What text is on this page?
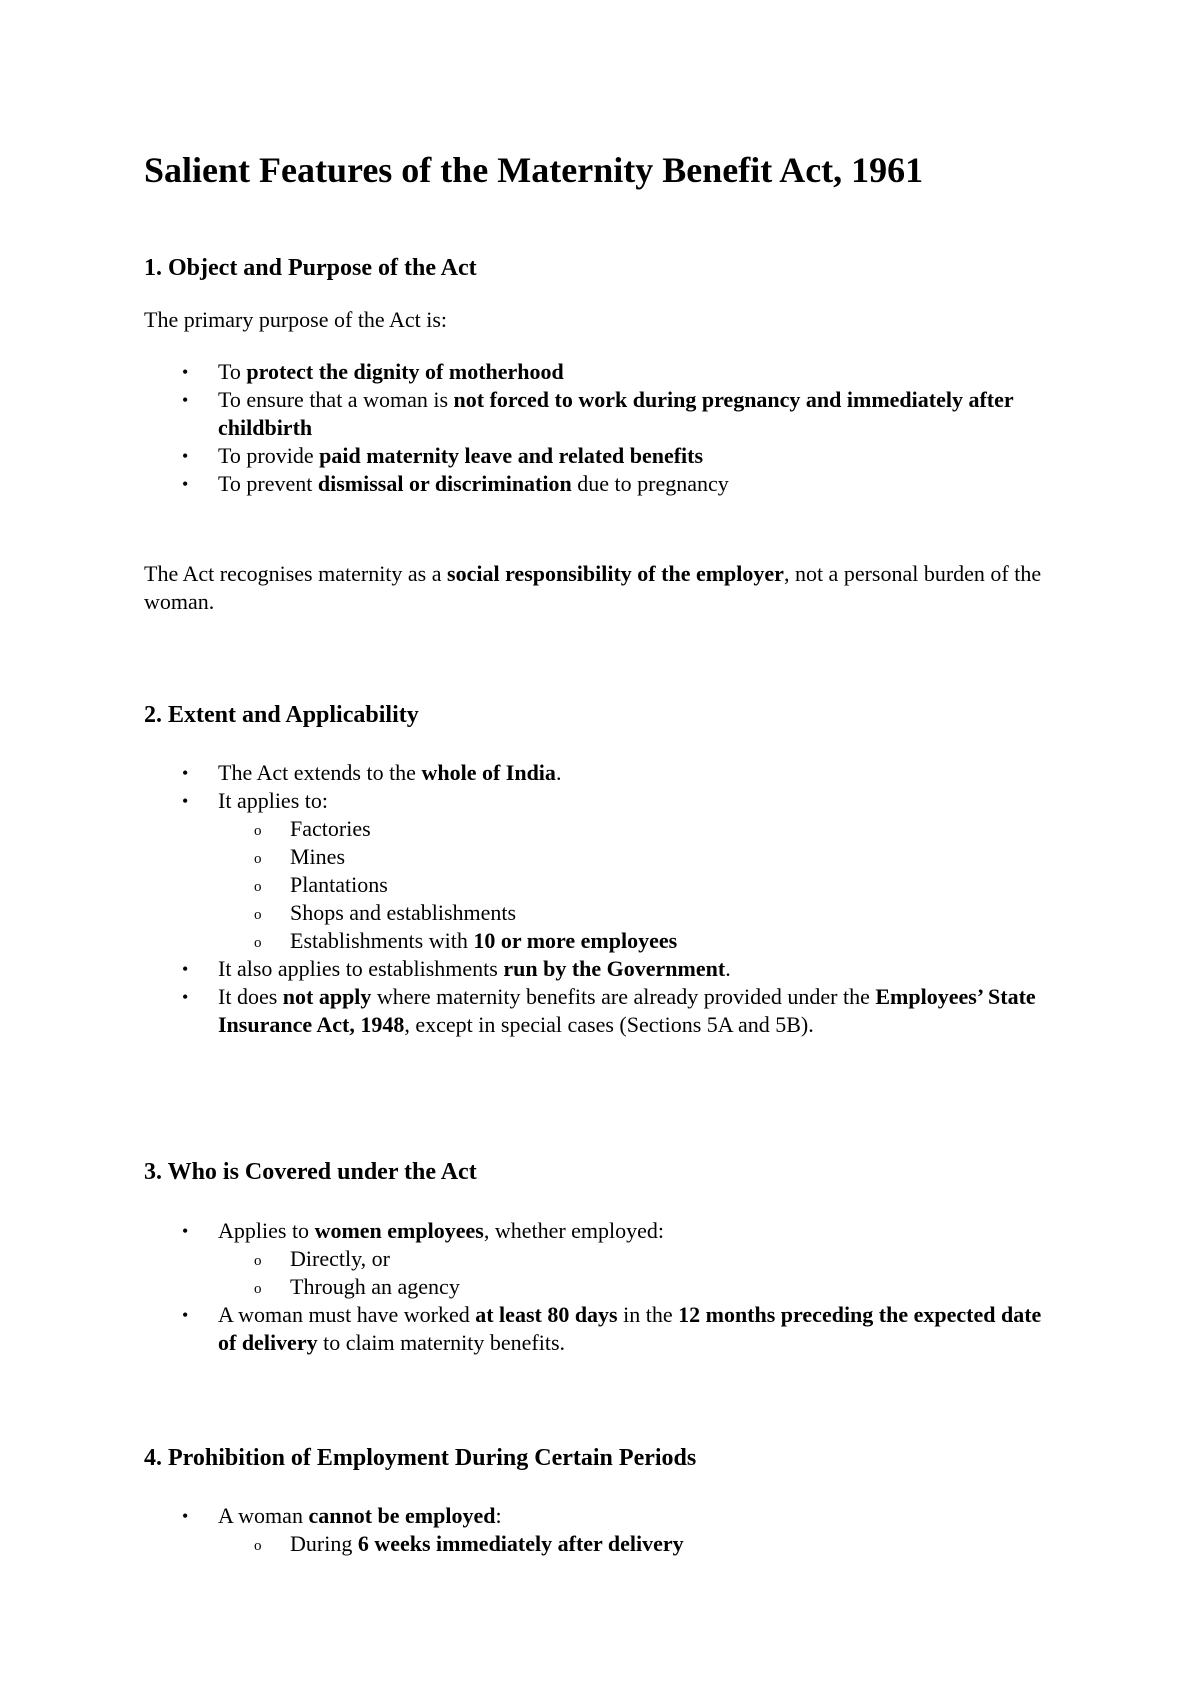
Salient Features of the Maternity Benefit Act, 1961
1. Object and Purpose of the Act

The primary purpose of the Act is:

• To protect the dignity of motherhood
• To ensure that a woman is not forced to work during pregnancy and immediately after childbirth
• To provide paid maternity leave and related benefits
• To prevent dismissal or discrimination due to pregnancy

The Act recognises maternity as a social responsibility of the employer, not a personal burden of the woman.

2. Extent and Applicability
• The Act extends to the whole of India.
• It applies to:
o Factories
o Mines
o Plantations
o Shops and establishments
o Establishments with 10 or more employees
• It also applies to establishments run by the Government.
• It does not apply where maternity benefits are already provided under the Employees’ State Insurance Act, 1948, except in special cases (Sections 5A and 5B).
3. Who is Covered under the Act
• Applies to women employees, whether employed:
o Directly, or
o Through an agency
• A woman must have worked at least 80 days in the 12 months preceding the expected date of delivery to claim maternity benefits.
4. Prohibition of Employment During Certain Periods
• A woman cannot be employed:
o During 6 weeks immediately after delivery
